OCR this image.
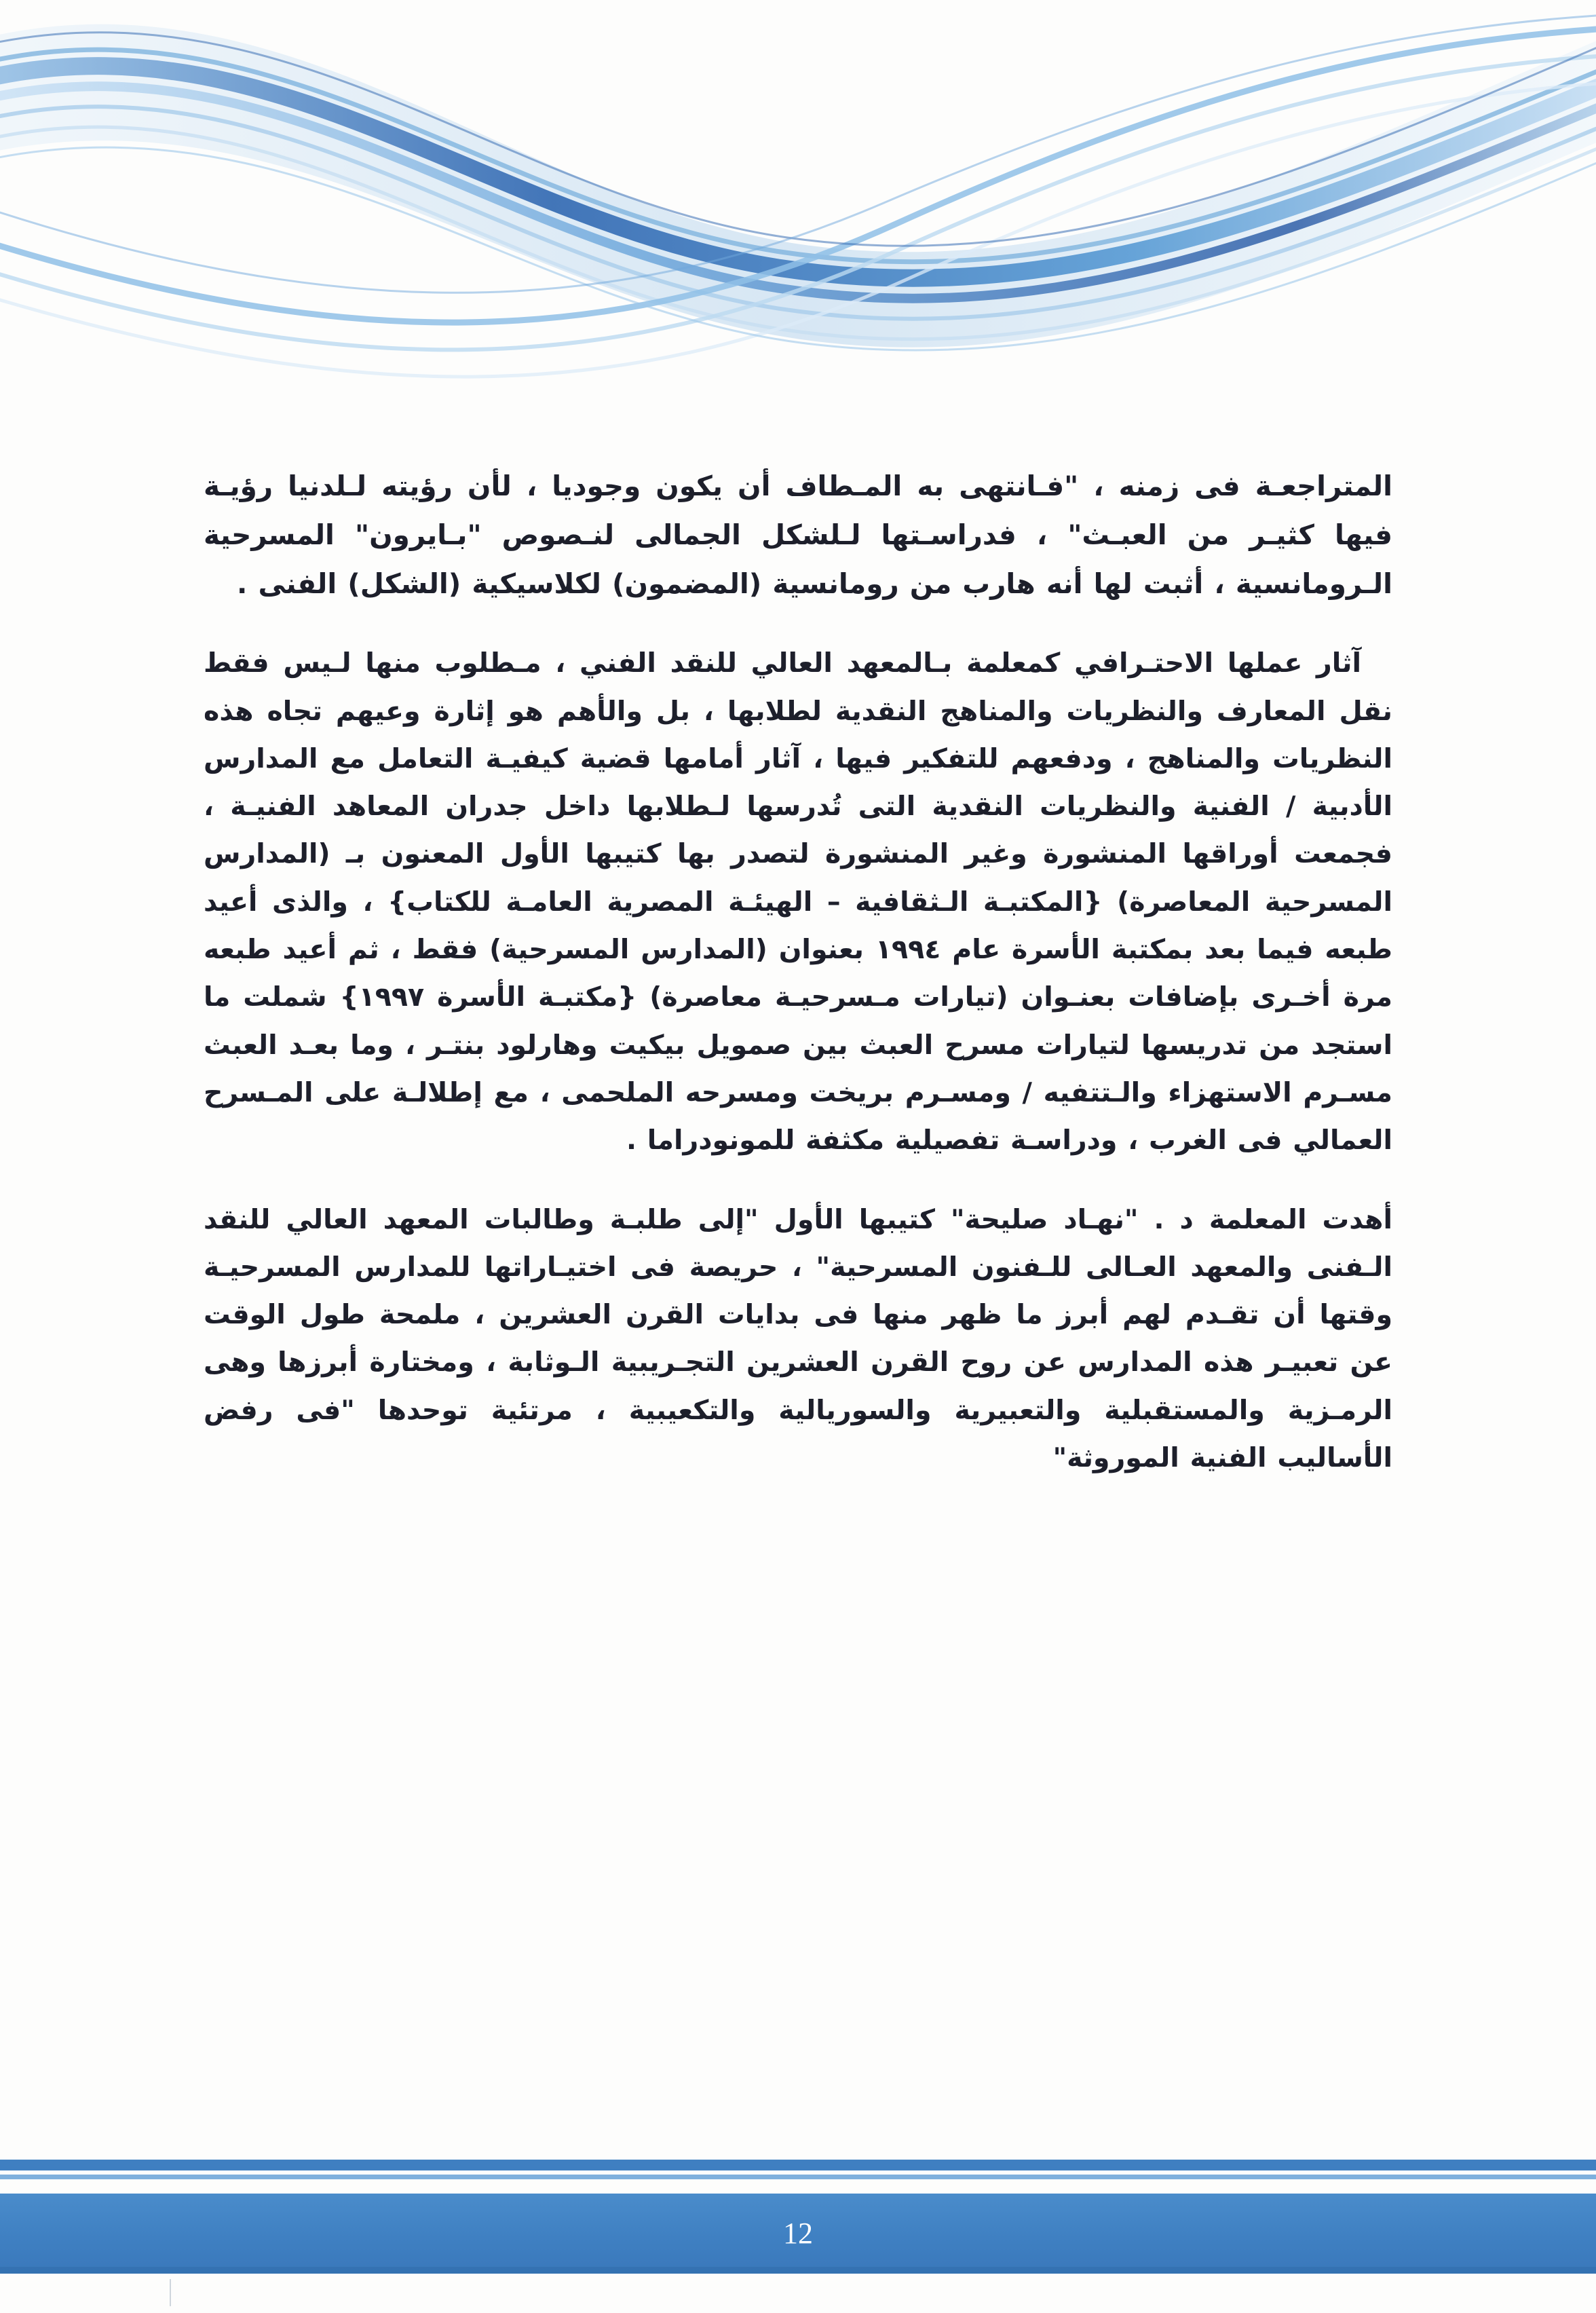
المتراجعـة فى زمنه ، "فـانتهى به المـطاف أن يكون وجوديا ، لأن رؤيته لـلدنيا رؤيـة فيها كثيـر من العبـث" ، فدراسـتها لـلشكل الجمالى لنـصوص "بـايرون" المسرحية الـرومانسية ، أثبت لها أنه هارب من رومانسية (المضمون) لكلاسيكية (الشكل) الفنى .

آثار عملها الاحتـرافي كمعلمة بـالمعهد العالي للنقد الفني ، مـطلوب منها لـيس فقط نقل المعارف والنظريات والمناهج النقدية لطلابها ، بل والأهم هو إثارة وعيهم تجاه هذه النظريات والمناهج ، ودفعهم للتفكير فيها ، آثار أمامها قضية كيفيـة التعامل مع المدارس الأدبية / الفنية والنظريات النقدية التى تُدرسها لـطلابها داخل جدران المعاهد الفنيـة ، فجمعت أوراقها المنشورة وغير المنشورة لتصدر بها كتيبها الأول المعنون بـ (المدارس المسرحية المعاصرة) {المكتبـة الـثقافية – الهيئـة المصرية العامـة للكتاب} ، والذى أعيد طبعه فيما بعد بمكتبة الأسرة عام ١٩٩٤ بعنوان (المدارس المسرحية) فقط ، ثم أعيد طبعه مرة أخـرى بإضافات بعنـوان (تيارات مـسرحيـة معاصرة) {مكتبـة الأسرة ١٩٩٧} شملت ما استجد من تدريسها لتيارات مسرح العبث بين صمويل بيكيت وهارلود بنتـر ، وما بعـد العبث مسـرم الاستهزاء والـتتفيه / ومسـرم بريخت ومسرحه الملحمى ، مع إطلالـة على المـسرح العمالي فى الغرب ، ودراسـة تفصيلية مكثفة للمونودراما .

أهدت المعلمة د . "نهـاد صليحة" كتيبها الأول "إلى طلبـة وطالبات المعهد العالي للنقد الـفنى والمعهد العـالى للـفنون المسرحية" ، حريصة فى اختيـاراتها للمدارس المسرحيـة وقتها أن تقـدم لهم أبرز ما ظهر منها فى بدايات القرن العشرين ، ملمحة طول الوقت عن تعبيـر هذه المدارس عن روح القرن العشرين التجـريبية الـوثابة ، ومختارة أبرزها وهى الرمـزية والمستقبلية والتعبيرية والسوريالية والتكعيبية ، مرتئية توحدها "فى رفض الأساليب الفنية الموروثة"

12
